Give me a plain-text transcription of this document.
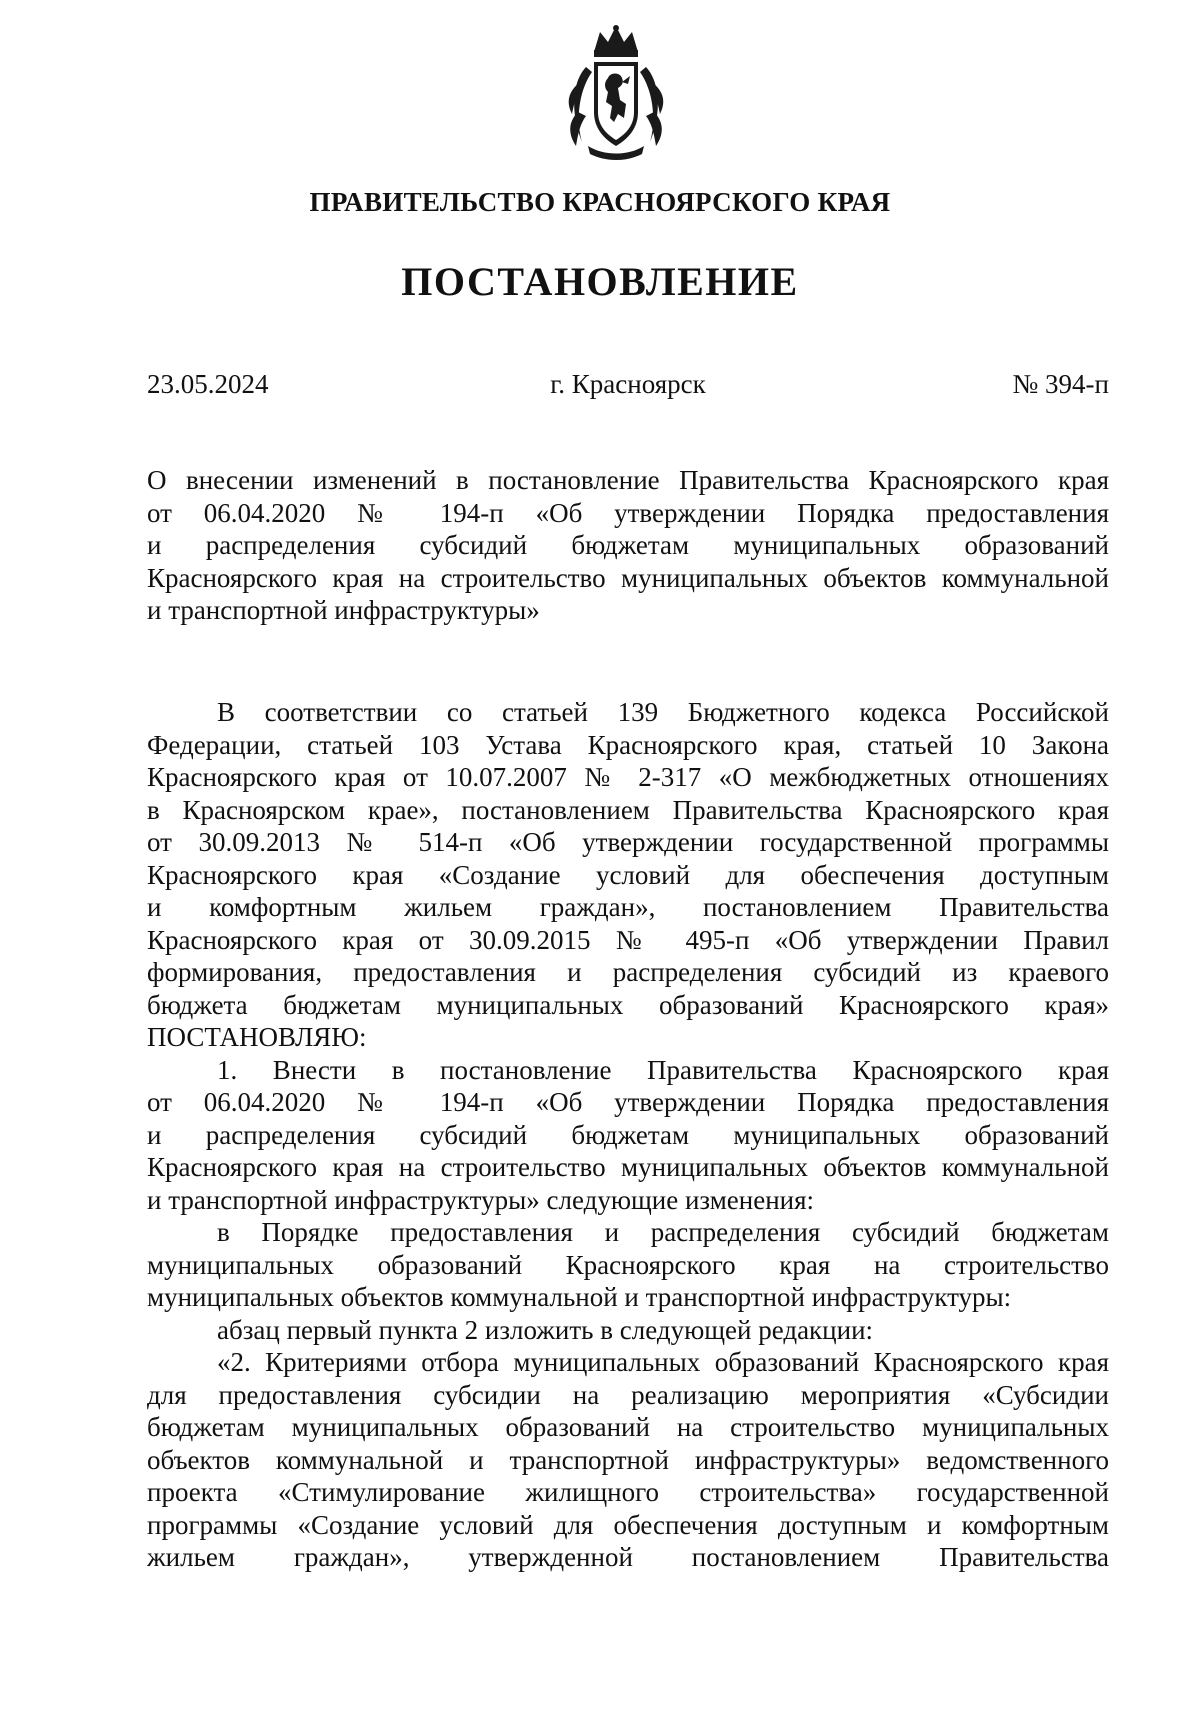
ПРАВИТЕЛЬСТВО КРАСНОЯРСКОГО КРАЯ
ПОСТАНОВЛЕНИЕ
23.05.2024	г. Красноярск	№ 394-п
О внесении изменений в постановление Правительства Красноярского края
от 06.04.2020 № 194-п «Об утверждении Порядка предоставления
и распределения субсидий бюджетам муниципальных образований
Красноярского края на строительство муниципальных объектов коммунальной
и транспортной инфраструктуры»
В соответствии со статьей 139 Бюджетного кодекса Российской
Федерации, статьей 103 Устава Красноярского края, статьей 10 Закона
Красноярского края от 10.07.2007 № 2-317 «О межбюджетных отношениях
в Красноярском крае», постановлением Правительства Красноярского края
от 30.09.2013 № 514-п «Об утверждении государственной программы
Красноярского края «Создание условий для обеспечения доступным
и комфортным жильем граждан», постановлением Правительства
Красноярского края от 30.09.2015 № 495-п «Об утверждении Правил
формирования, предоставления и распределения субсидий из краевого
бюджета бюджетам муниципальных образований Красноярского края»
ПОСТАНОВЛЯЮ:
1. Внести в постановление Правительства Красноярского края
от 06.04.2020 № 194-п «Об утверждении Порядка предоставления
и распределения субсидий бюджетам муниципальных образований
Красноярского края на строительство муниципальных объектов коммунальной
и транспортной инфраструктуры» следующие изменения:
в Порядке предоставления и распределения субсидий бюджетам
муниципальных образований Красноярского края на строительство
муниципальных объектов коммунальной и транспортной инфраструктуры:
абзац первый пункта 2 изложить в следующей редакции:
«2. Критериями отбора муниципальных образований Красноярского края
для предоставления субсидии на реализацию мероприятия «Субсидии
бюджетам муниципальных образований на строительство муниципальных
объектов коммунальной и транспортной инфраструктуры» ведомственного
проекта «Стимулирование жилищного строительства» государственной
программы «Создание условий для обеспечения доступным и комфортным
жильем граждан», утвержденной постановлением Правительства
